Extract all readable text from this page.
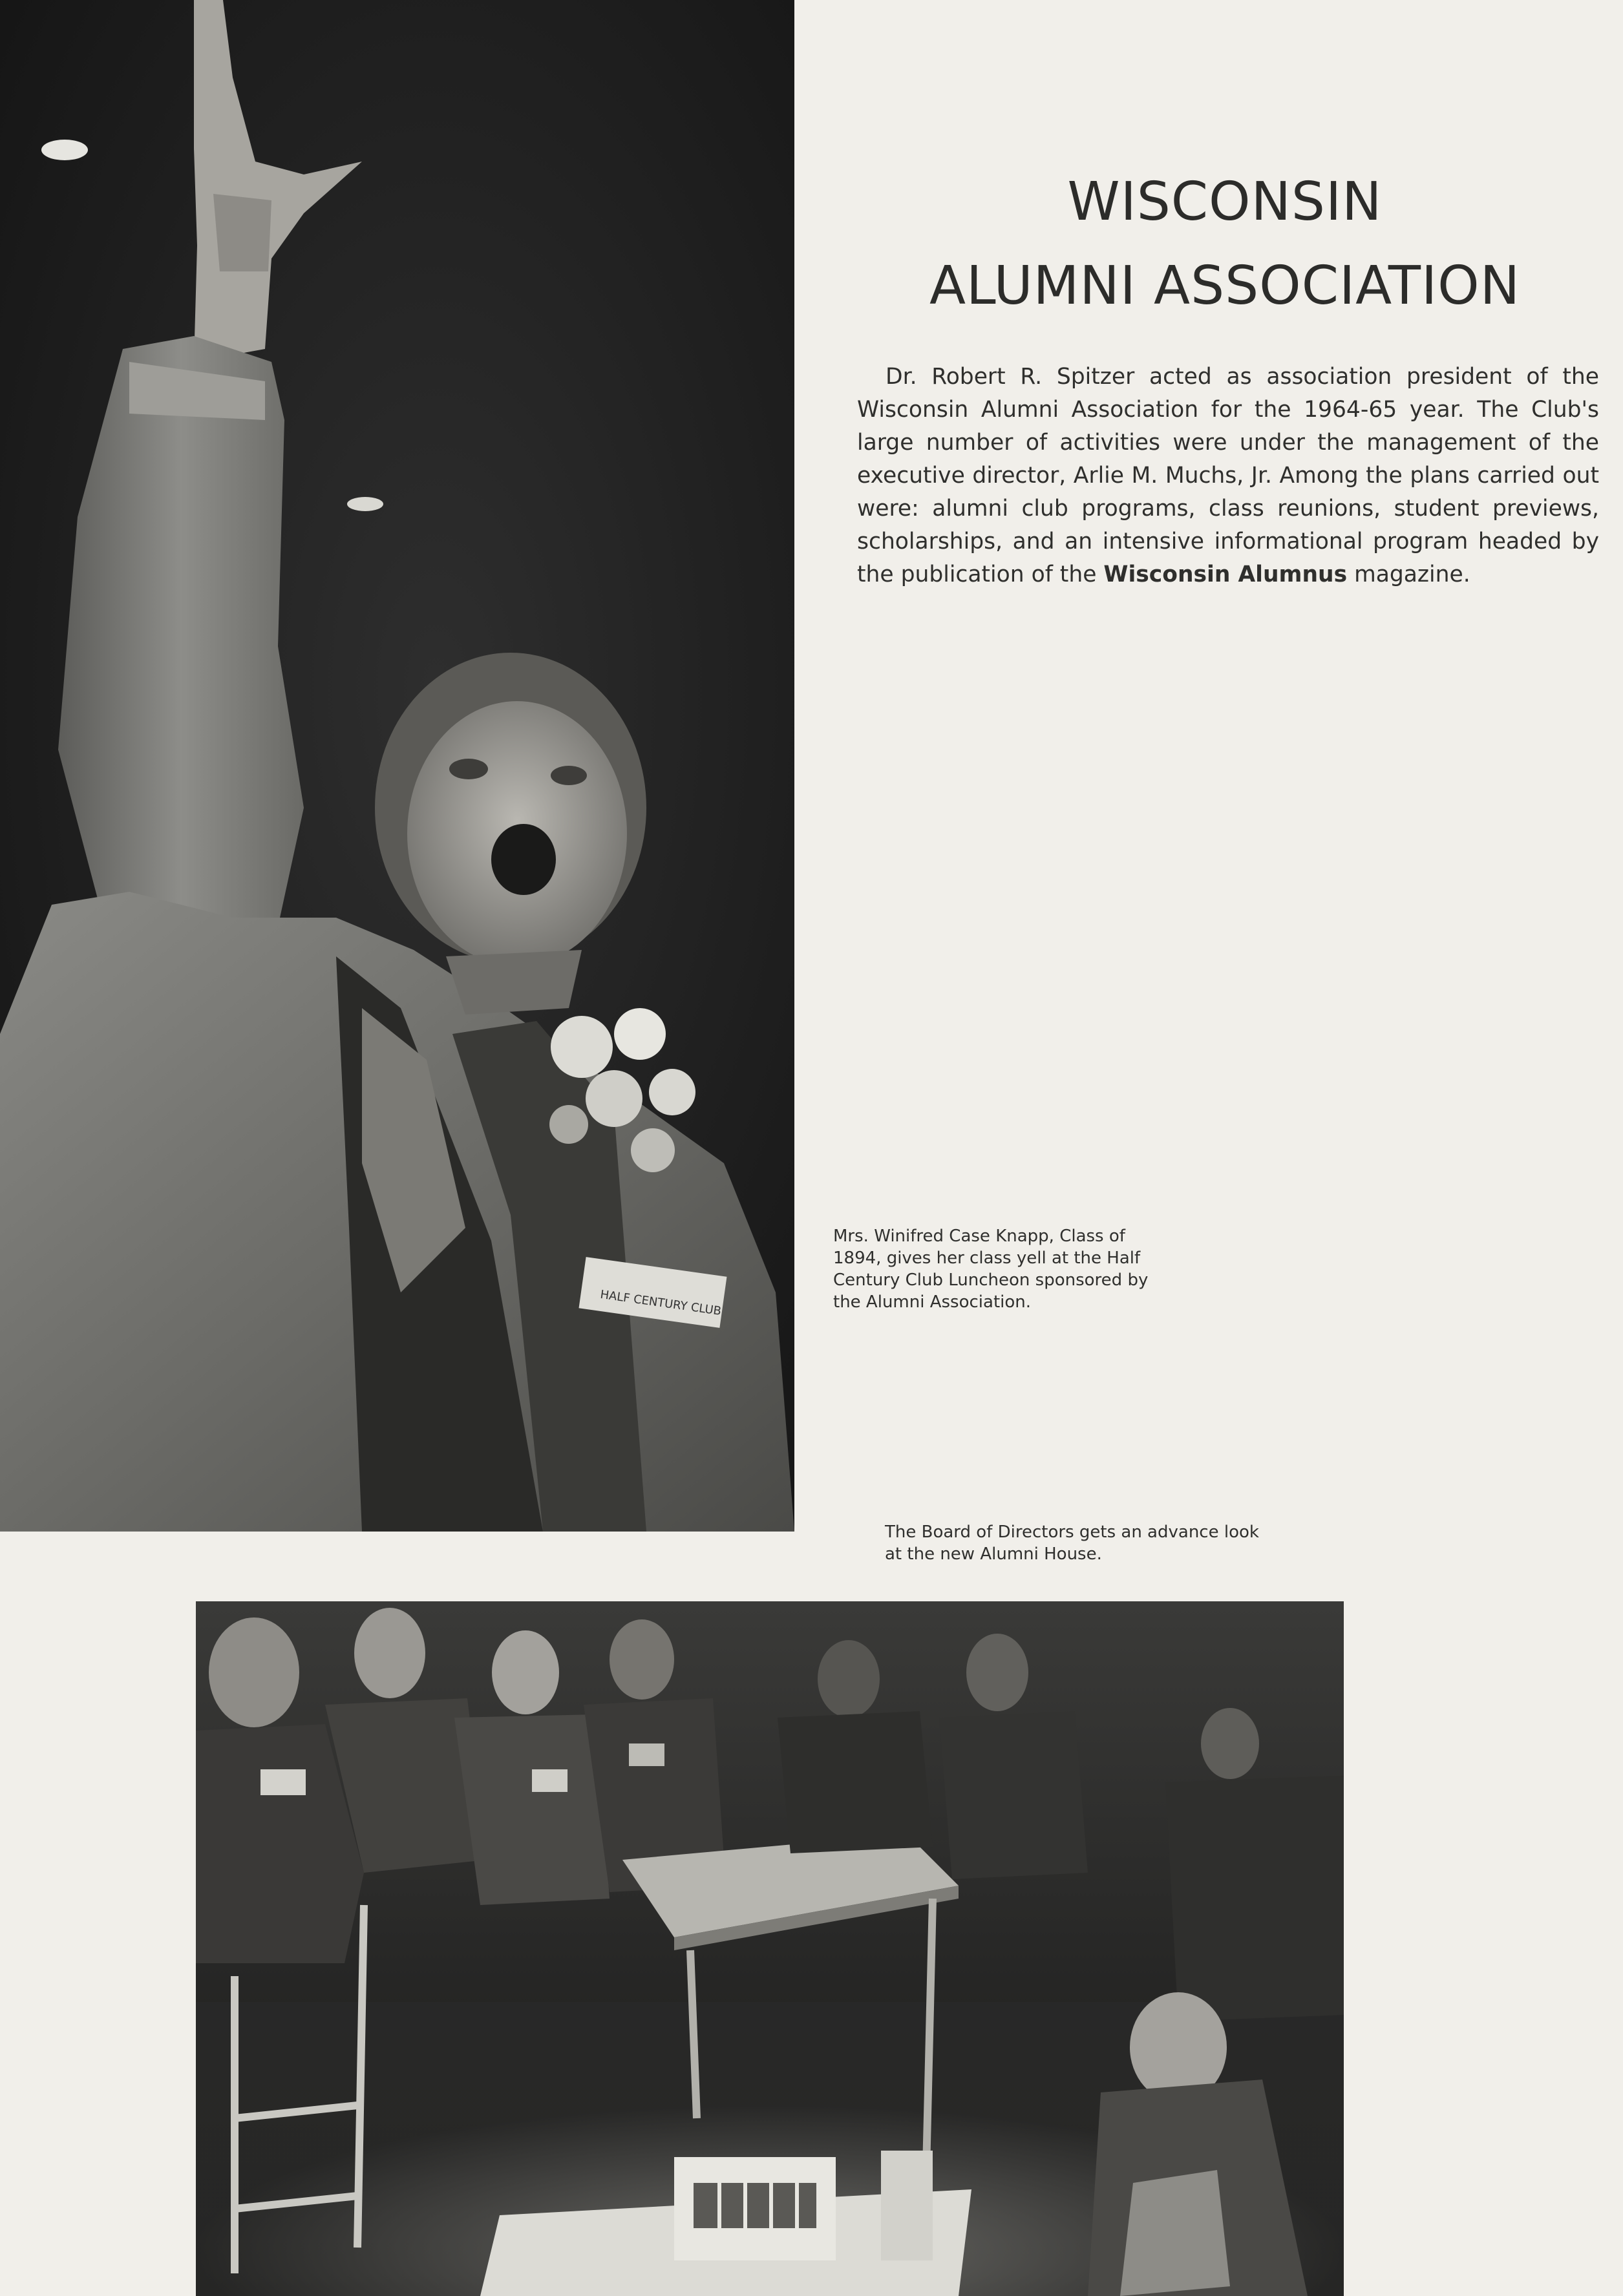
HALF CENTURY CLUB
WISCONSIN
ALUMNI ASSOCIATION

Dr. Robert R. Spitzer acted as association president of the Wisconsin Alumni Association for the 1964-65 year. The Club's large number of activities were under the management of the executive director, Arlie M. Muchs, Jr. Among the plans carried out were: alumni club programs, class reunions, student previews, scholarships, and an intensive informational program headed by the publication of the Wisconsin Alumnus magazine.

Mrs. Winifred Case Knapp, Class of
1894, gives her class yell at the Half
Century Club Luncheon sponsored by
the Alumni Association.

The Board of Directors gets an advance look
at the new Alumni House.
